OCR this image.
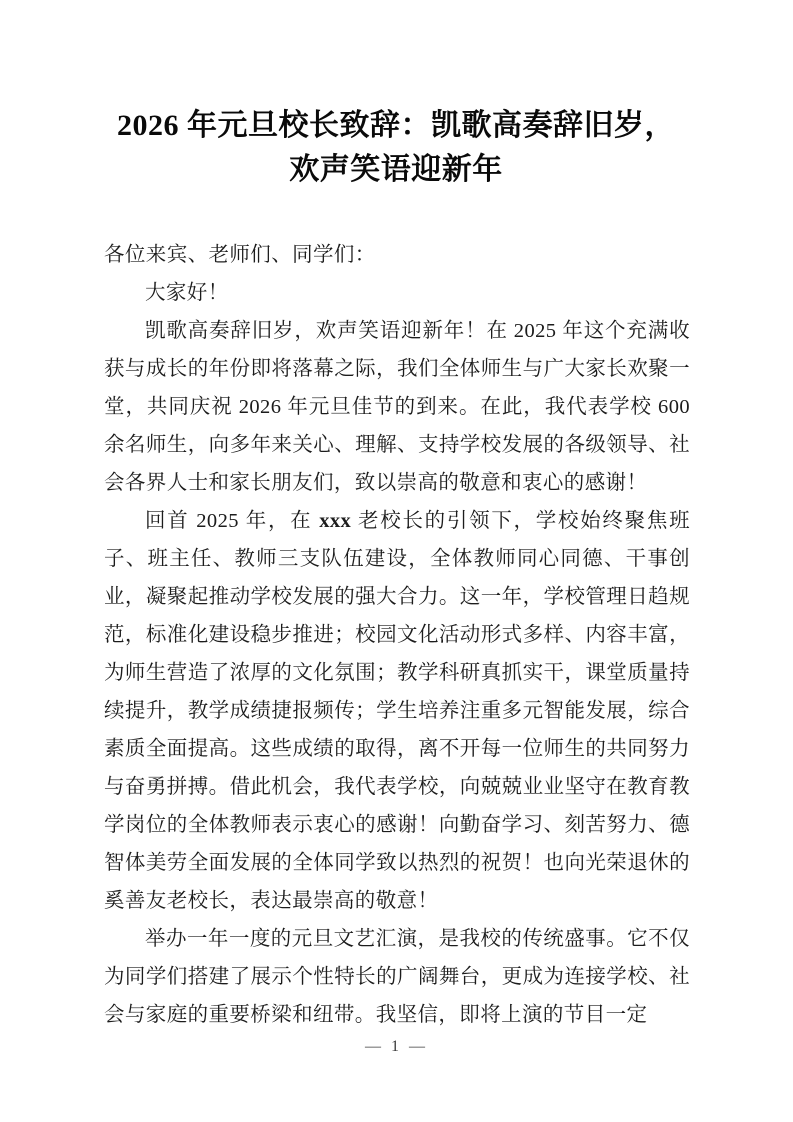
2026 年元旦校长致辞：凯歌高奏辞旧岁，
欢声笑语迎新年

各位来宾、老师们、同学们：

大家好！

凯歌高奏辞旧岁，欢声笑语迎新年！在 2025 年这个充满收获与成长的年份即将落幕之际，我们全体师生与广大家长欢聚一堂，共同庆祝 2026 年元旦佳节的到来。在此，我代表学校 600 余名师生，向多年来关心、理解、支持学校发展的各级领导、社会各界人士和家长朋友们，致以崇高的敬意和衷心的感谢！

回首 2025 年，在 xxx 老校长的引领下，学校始终聚焦班子、班主任、教师三支队伍建设，全体教师同心同德、干事创业，凝聚起推动学校发展的强大合力。这一年，学校管理日趋规范，标准化建设稳步推进；校园文化活动形式多样、内容丰富，为师生营造了浓厚的文化氛围；教学科研真抓实干，课堂质量持续提升，教学成绩捷报频传；学生培养注重多元智能发展，综合素质全面提高。这些成绩的取得，离不开每一位师生的共同努力与奋勇拼搏。借此机会，我代表学校，向兢兢业业坚守在教育教学岗位的全体教师表示衷心的感谢！向勤奋学习、刻苦努力、德智体美劳全面发展的全体同学致以热烈的祝贺！也向光荣退休的奚善友老校长，表达最崇高的敬意！

举办一年一度的元旦文艺汇演，是我校的传统盛事。它不仅为同学们搭建了展示个性特长的广阔舞台，更成为连接学校、社会与家庭的重要桥梁和纽带。我坚信，即将上演的节目一定

— 1 —
